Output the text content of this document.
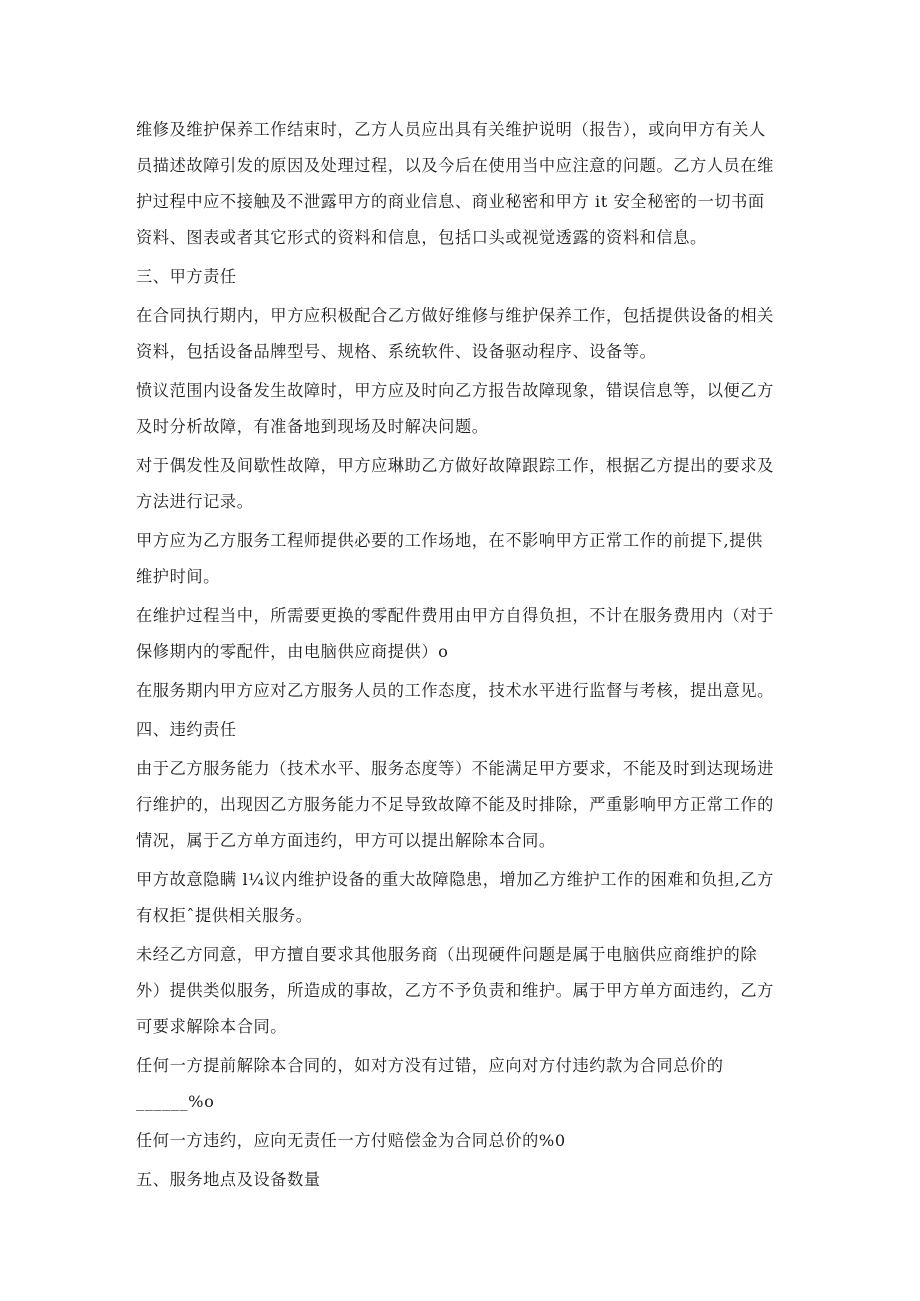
维修及维护保养工作结束时，乙方人员应出具有关维护说明（报告），或向甲方有关人
员描述故障引发的原因及处理过程，以及今后在使用当中应注意的问题。乙方人员在维
护过程中应不接触及不泄露甲方的商业信息、商业秘密和甲方 it 安全秘密的一切书面
资料、图表或者其它形式的资料和信息，包括口头或视觉透露的资料和信息。

三、甲方责任

在合同执行期内，甲方应积极配合乙方做好维修与维护保养工作，包括提供设备的相关
资料，包括设备品牌型号、规格、系统软件、设备驱动程序、设备等。

愤议范围内设备发生故障时，甲方应及时向乙方报告故障现象，错误信息等，以便乙方
及时分析故障，有准备地到现场及时解决问题。

对于偶发性及间歇性故障，甲方应琳助乙方做好故障跟踪工作，根据乙方提出的要求及
方法进行记录。

甲方应为乙方服务工程师提供必要的工作场地，在不影响甲方正常工作的前提下,提供
维护时间。

在维护过程当中，所需要更换的零配件费用由甲方自得负担，不计在服务费用内（对于
保修期内的零配件，由电脑供应商提供）o

在服务期内甲方应对乙方服务人员的工作态度，技术水平进行监督与考核，提出意见。

四、违约责任

由于乙方服务能力（技术水平、服务态度等）不能满足甲方要求，不能及时到达现场进
行维护的，出现因乙方服务能力不足导致故障不能及时排除，严重影响甲方正常工作的
情况，属于乙方单方面违约，甲方可以提出解除本合同。

甲方故意隐瞒 l¼议内维护设备的重大故障隐患，增加乙方维护工作的困难和负担,乙方
有权拒ˆ提供相关服务。

未经乙方同意，甲方擅自要求其他服务商（出现硬件问题是属于电脑供应商维护的除
外）提供类似服务，所造成的事故，乙方不予负责和维护。属于甲方单方面违约，乙方
可要求解除本合同。

任何一方提前解除本合同的，如对方没有过错，应向对方付违约款为合同总价的
______%o

任何一方违约，应向无责任一方付赔偿金为合同总价的%0

五、服务地点及设备数量
